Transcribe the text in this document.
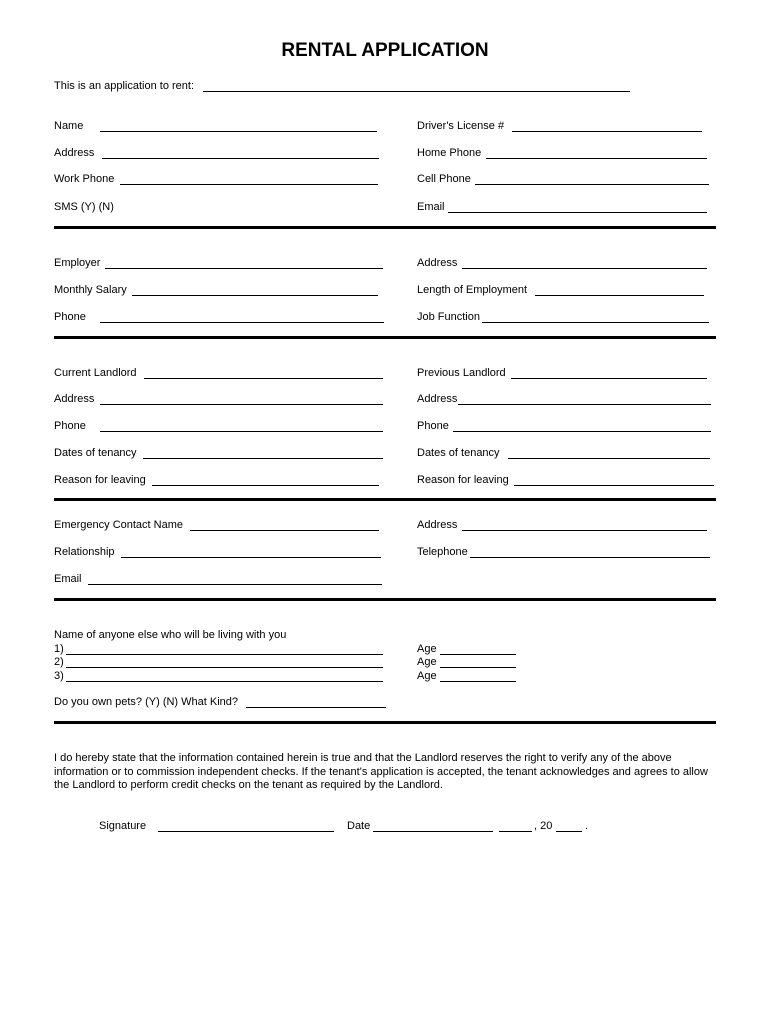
RENTAL APPLICATION
This is an application to rent:
Name	Driver's License #
Address	Home Phone
Work Phone	Cell Phone
SMS (Y) (N)	Email
Employer	Address
Monthly Salary	Length of Employment
Phone	Job Function
Current Landlord	Previous Landlord
Address	Address
Phone	Phone
Dates of tenancy	Dates of tenancy
Reason for leaving	Reason for leaving
Emergency Contact Name	Address
Relationship	Telephone
Email
Name of anyone else who will be living with you
1)	Age
2)	Age
3)	Age
Do you own pets? (Y) (N) What Kind?
I do hereby state that the information contained herein is true and that the Landlord reserves the right to verify any of the above information or to commission independent checks. If the tenant's application is accepted, the tenant acknowledges and agrees to allow the Landlord to perform credit checks on the tenant as required by the Landlord.
Signature	Date	, 20	.
